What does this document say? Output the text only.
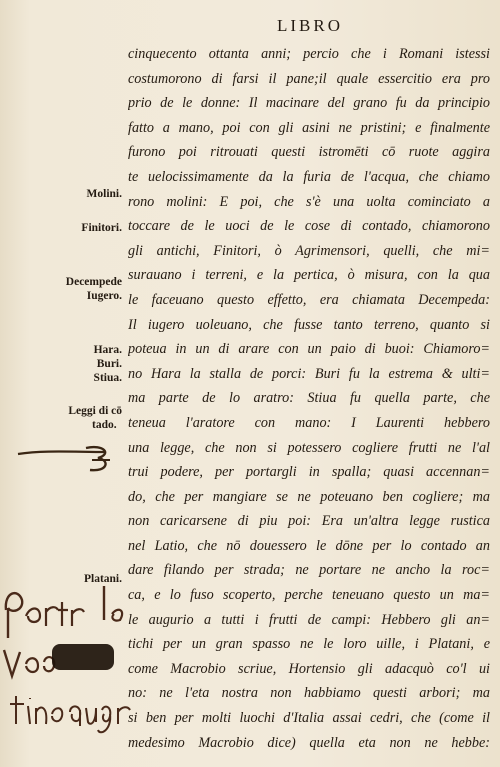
LIBRO

cinquecento ottanta anni; percio che i Romani istessi
costumorono di farsi il pane;il quale essercitio era pro
prio de le donne: Il macinare del grano fu da principio
fatto a mano, poi con gli asini ne pristini; e finalmente
furono poi ritrouati questi istromēti cō ruote aggira
te uelocissimamente da la furia de l'acqua, che chiamo
rono molini: E poi, che s'è una uolta cominciato a
toccare de le uoci de le cose di contado, chiamorono
gli antichi, Finitori, ò Agrimensori, quelli, che mi=
surauano i terreni, e la pertica, ò misura, con la qua
le faceuano questo effetto, era chiamata Decempeda:
Il iugero uoleuano, che fusse tanto terreno, quanto si
poteua in un di arare con un paio di buoi: Chiamoro=
no Hara la stalla de porci: Buri fu la estrema & ulti=
ma parte de lo aratro: Stiua fu quella parte, che
teneua l'aratore con mano: I Laurenti hebbero
una legge, che non si potessero cogliere frutti ne l'al
trui podere, per portargli in spalla; quasi accennan=
do, che per mangiare se ne poteuano ben cogliere; ma
non caricarsene di piu poi: Era un'altra legge rustica
nel Latio, che nō douessero le dōne per lo contado an
dare filando per strada; ne portare ne ancho la roc=
ca, e lo fuso scoperto, perche teneuano questo un ma=
le augurio a tutti i frutti de campi: Hebbero gli an=
tichi per un gran spasso ne le loro uille, i Platani, e
come Macrobio scriue, Hortensio gli adacquò co'l ui
no: ne l'eta nostra non habbiamo questi arbori; ma
si ben per molti luochi d'Italia assai cedri, che (come il
medesimo Macrobio dice) quella eta non ne hebbe:
Molini.
Finitori.
Decempede
Iugero.
Hara.
Buri.
Stiua.
Leggi di cō
tado.
Platani.
